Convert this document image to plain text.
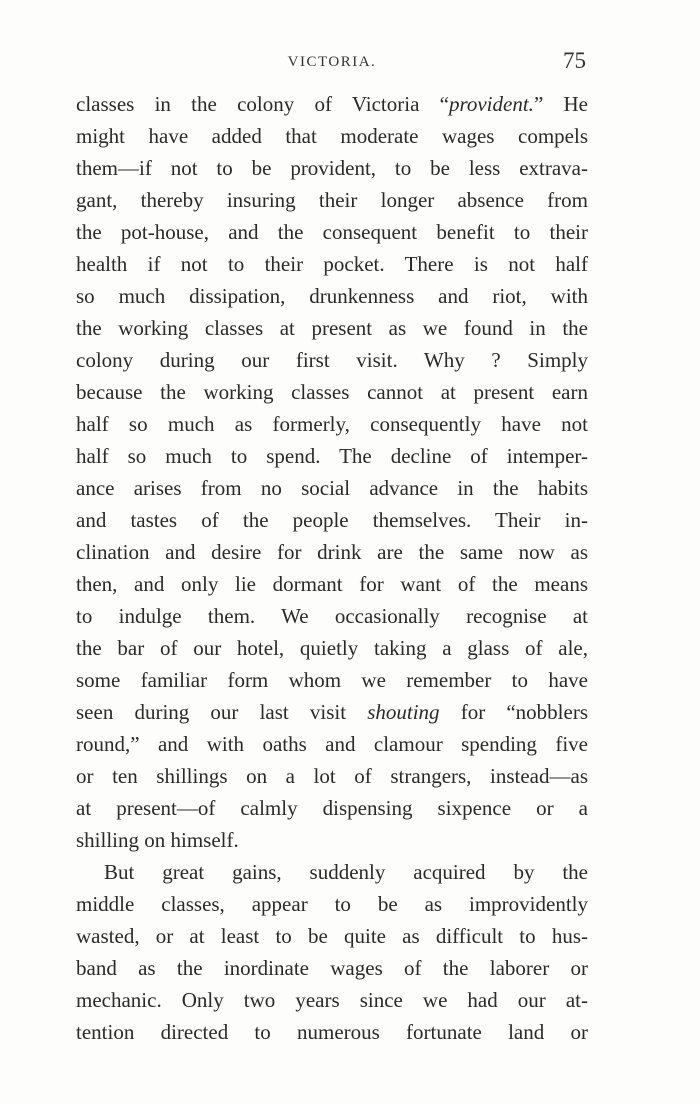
VICTORIA.	75
classes in the colony of Victoria “provident.” He
might have added that moderate wages compels
them—if not to be provident, to be less extrava-
gant, thereby insuring their longer absence from
the pot-house, and the consequent benefit to their
health if not to their pocket. There is not half
so much dissipation, drunkenness and riot, with
the working classes at present as we found in the
colony during our first visit. Why ? Simply
because the working classes cannot at present earn
half so much as formerly, consequently have not
half so much to spend. The decline of intemper-
ance arises from no social advance in the habits
and tastes of the people themselves. Their in-
clination and desire for drink are the same now as
then, and only lie dormant for want of the means
to indulge them. We occasionally recognise at
the bar of our hotel, quietly taking a glass of ale,
some familiar form whom we remember to have
seen during our last visit shouting for “nobblers
round,” and with oaths and clamour spending five
or ten shillings on a lot of strangers, instead—as
at present—of calmly dispensing sixpence or a
shilling on himself.
But great gains, suddenly acquired by the
middle classes, appear to be as improvidently
wasted, or at least to be quite as difficult to hus-
band as the inordinate wages of the laborer or
mechanic. Only two years since we had our at-
tention directed to numerous fortunate land or
